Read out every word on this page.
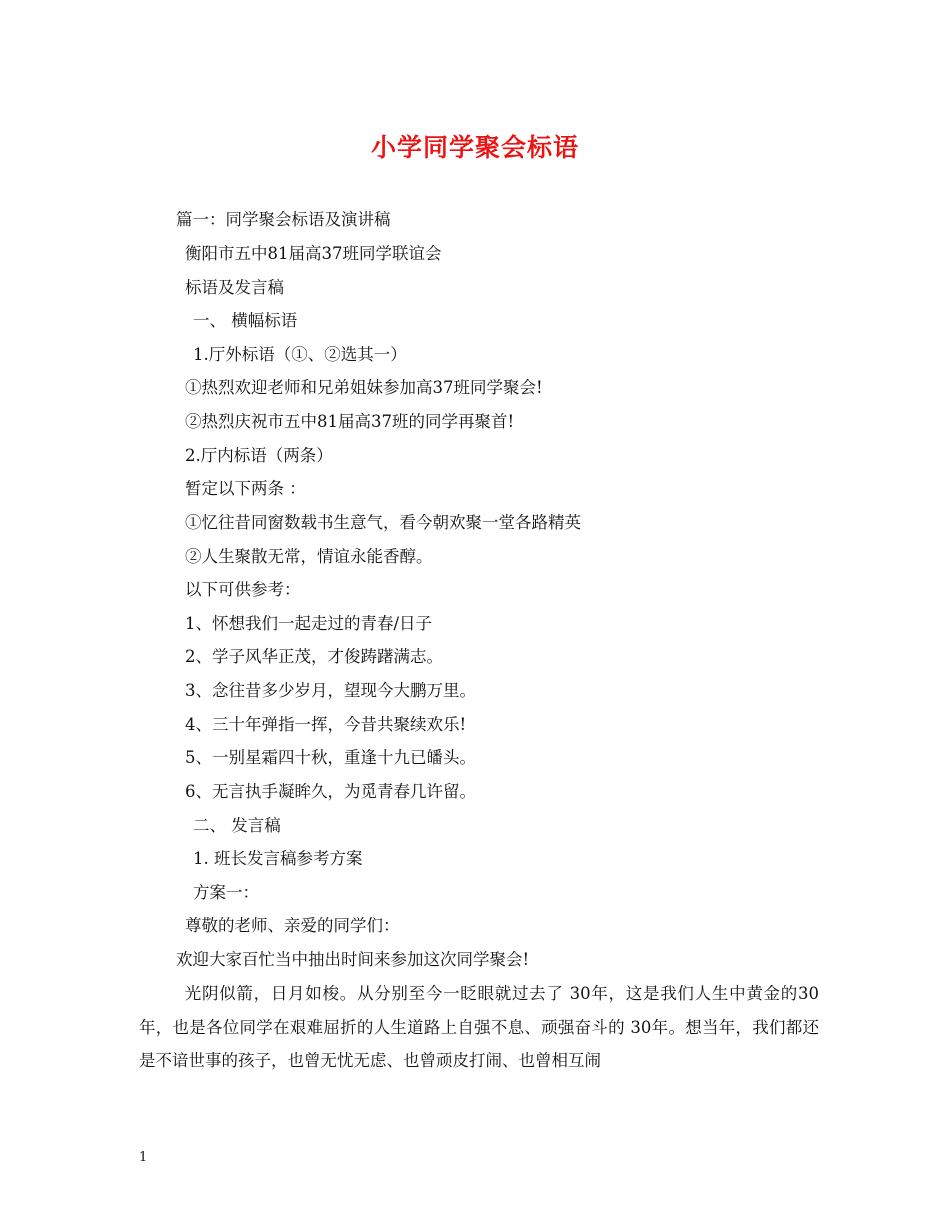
小学同学聚会标语
篇一：同学聚会标语及演讲稿
衡阳市五中81届高37班同学联谊会
标语及发言稿
一、 横幅标语
1.厅外标语（①、②选其一）
①热烈欢迎老师和兄弟姐妹参加高37班同学聚会!
②热烈庆祝市五中81届高37班的同学再聚首!
2.厅内标语（两条）
暂定以下两条 ：
①忆往昔同窗数载书生意气，看今朝欢聚一堂各路精英
②人生聚散无常，情谊永能香醇。
以下可供参考：
1、怀想我们一起走过的青春/日子
2、学子风华正茂，才俊踌躇满志。
3、念往昔多少岁月，望现今大鹏万里。
4、三十年弹指一挥，今昔共聚续欢乐!
5、一别星霜四十秋，重逢十九已皤头。
6、无言执手凝眸久，为觅青春几许留。
二、 发言稿
1. 班长发言稿参考方案
方案一：
尊敬的老师、亲爱的同学们：
欢迎大家百忙当中抽出时间来参加这次同学聚会!
光阴似箭，日月如梭。从分别至今一眨眼就过去了 30年，这是我们人生中黄金的30年，也是各位同学在艰难屈折的人生道路上自强不息、顽强奋斗的 30年。想当年，我们都还是不谙世事的孩子，也曾无忧无虑、也曾顽皮打闹、也曾相互闹
1
